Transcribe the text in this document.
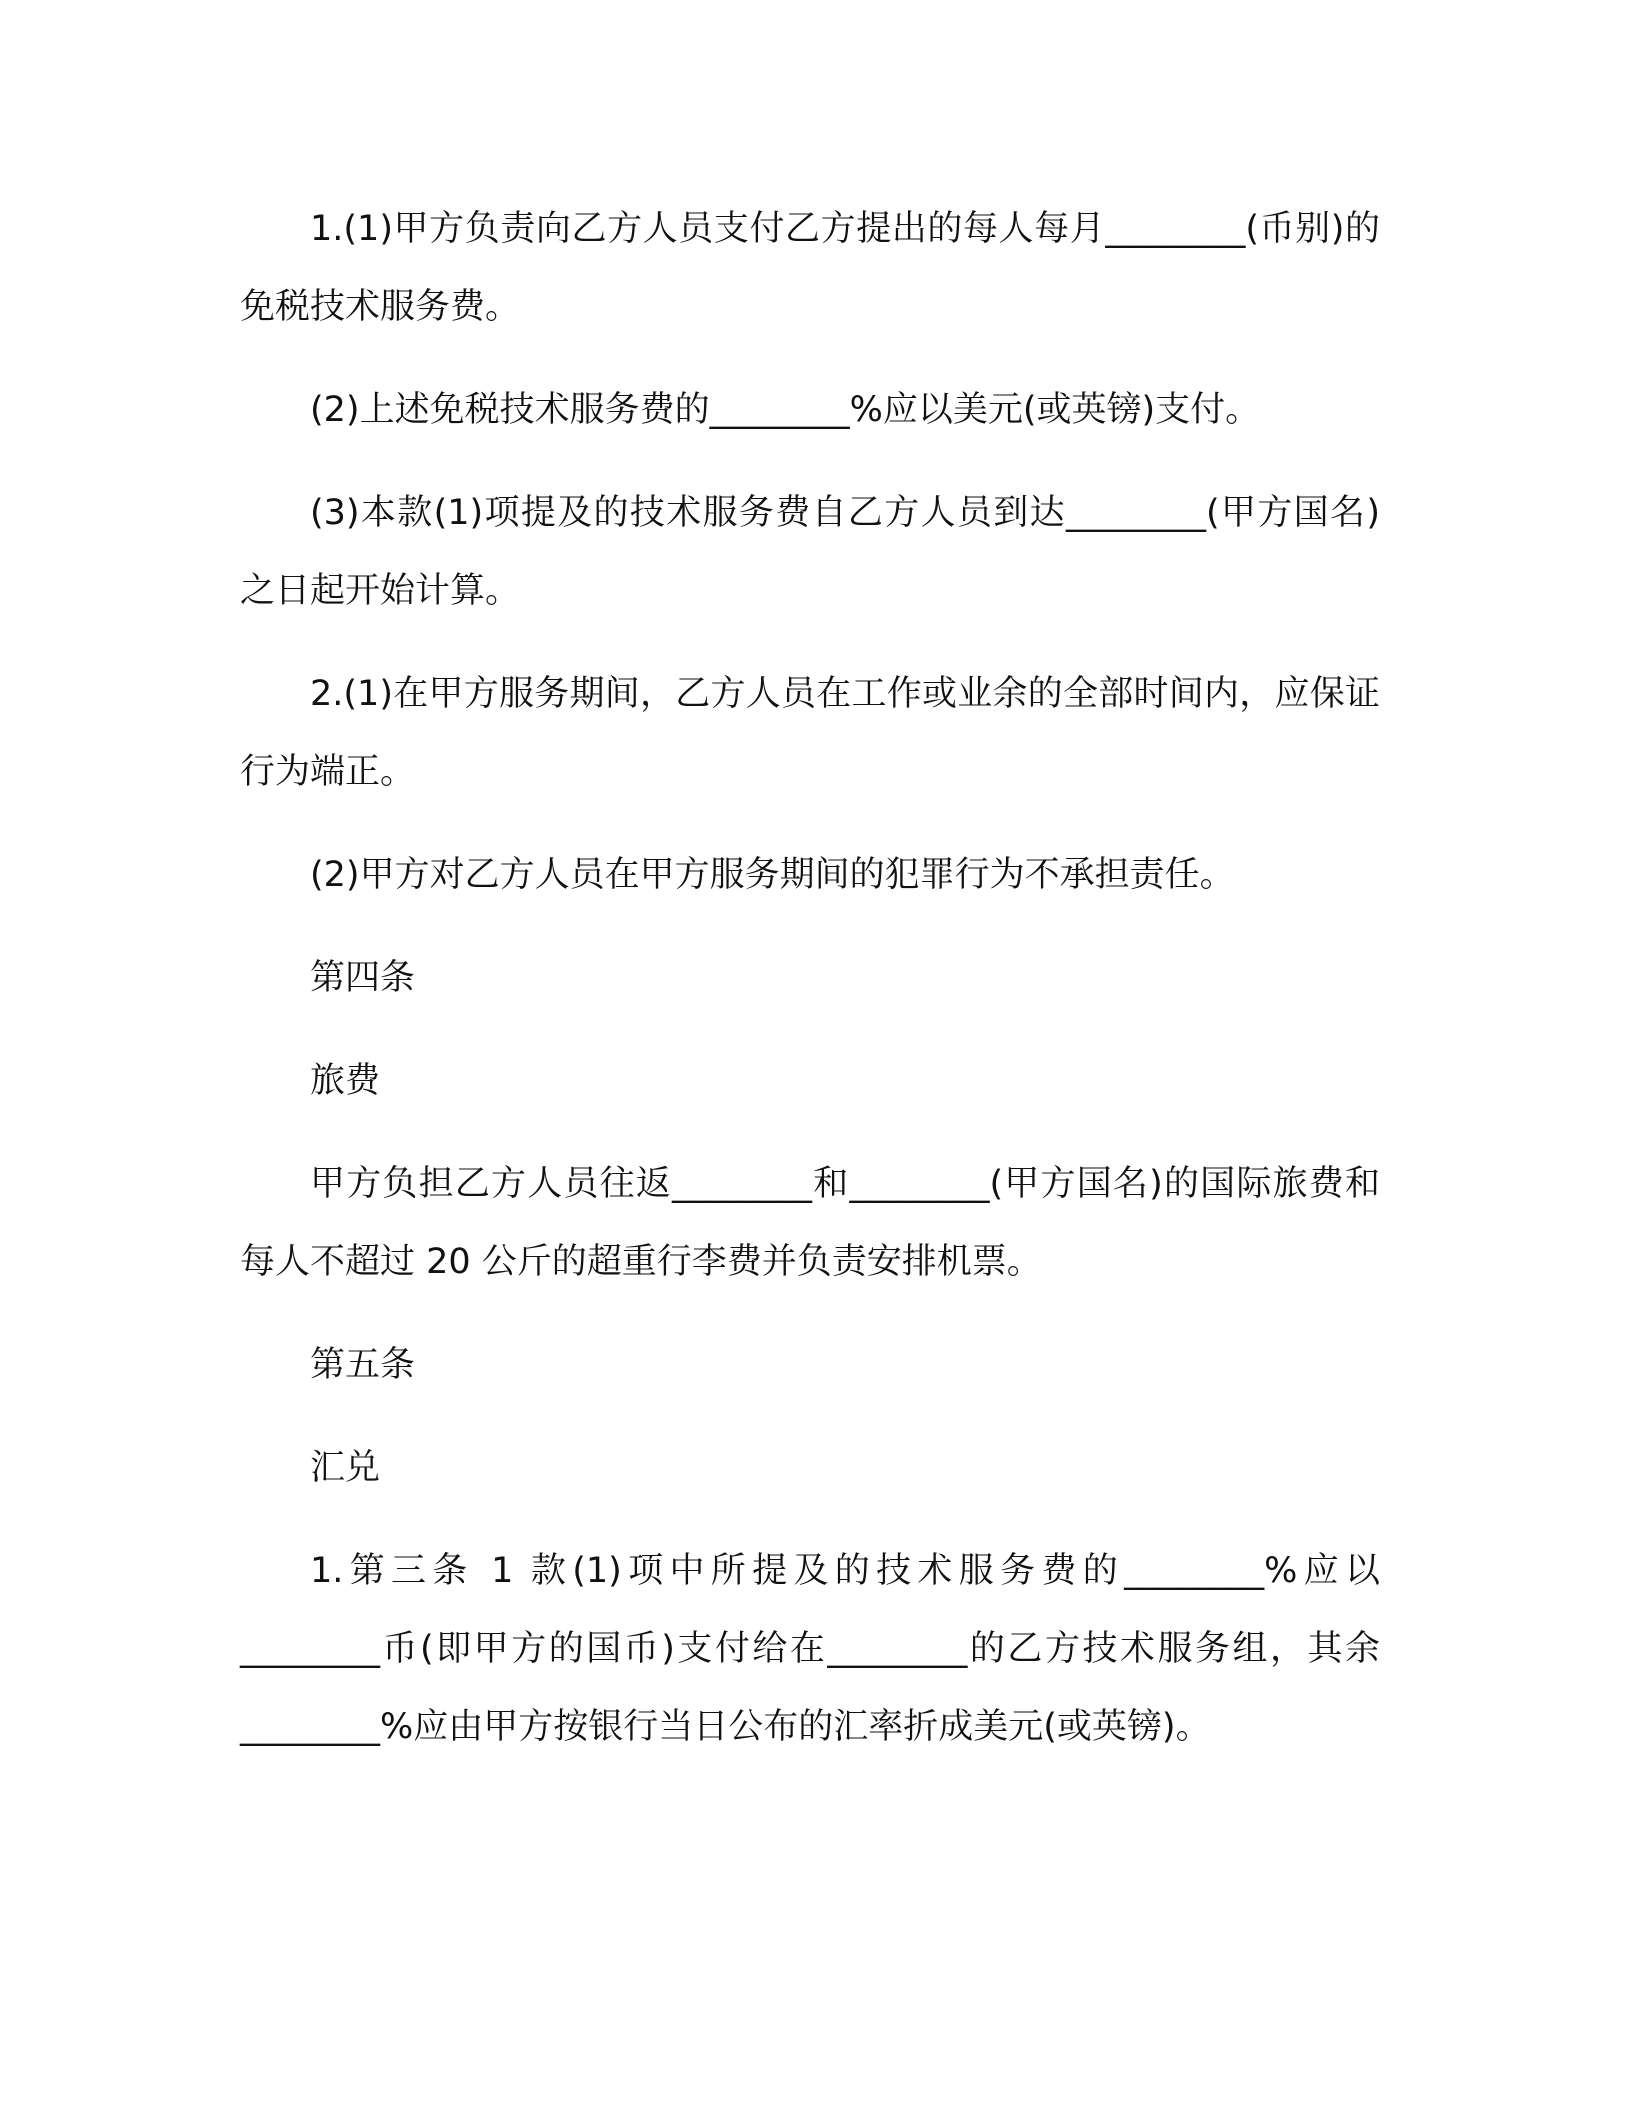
1.(1)甲方负责向乙方人员支付乙方提出的每人每月________(币别)的免税技术服务费。

(2)上述免税技术服务费的________%应以美元(或英镑)支付。

(3)本款(1)项提及的技术服务费自乙方人员到达________(甲方国名)之日起开始计算。

2.(1)在甲方服务期间，乙方人员在工作或业余的全部时间内，应保证行为端正。

(2)甲方对乙方人员在甲方服务期间的犯罪行为不承担责任。

第四条

旅费

甲方负担乙方人员往返________和________(甲方国名)的国际旅费和每人不超过 20 公斤的超重行李费并负责安排机票。

第五条

汇兑

1.第三条 1 款(1)项中所提及的技术服务费的________%应以________币(即甲方的国币)支付给在________的乙方技术服务组，其余________%应由甲方按银行当日公布的汇率折成美元(或英镑)。
